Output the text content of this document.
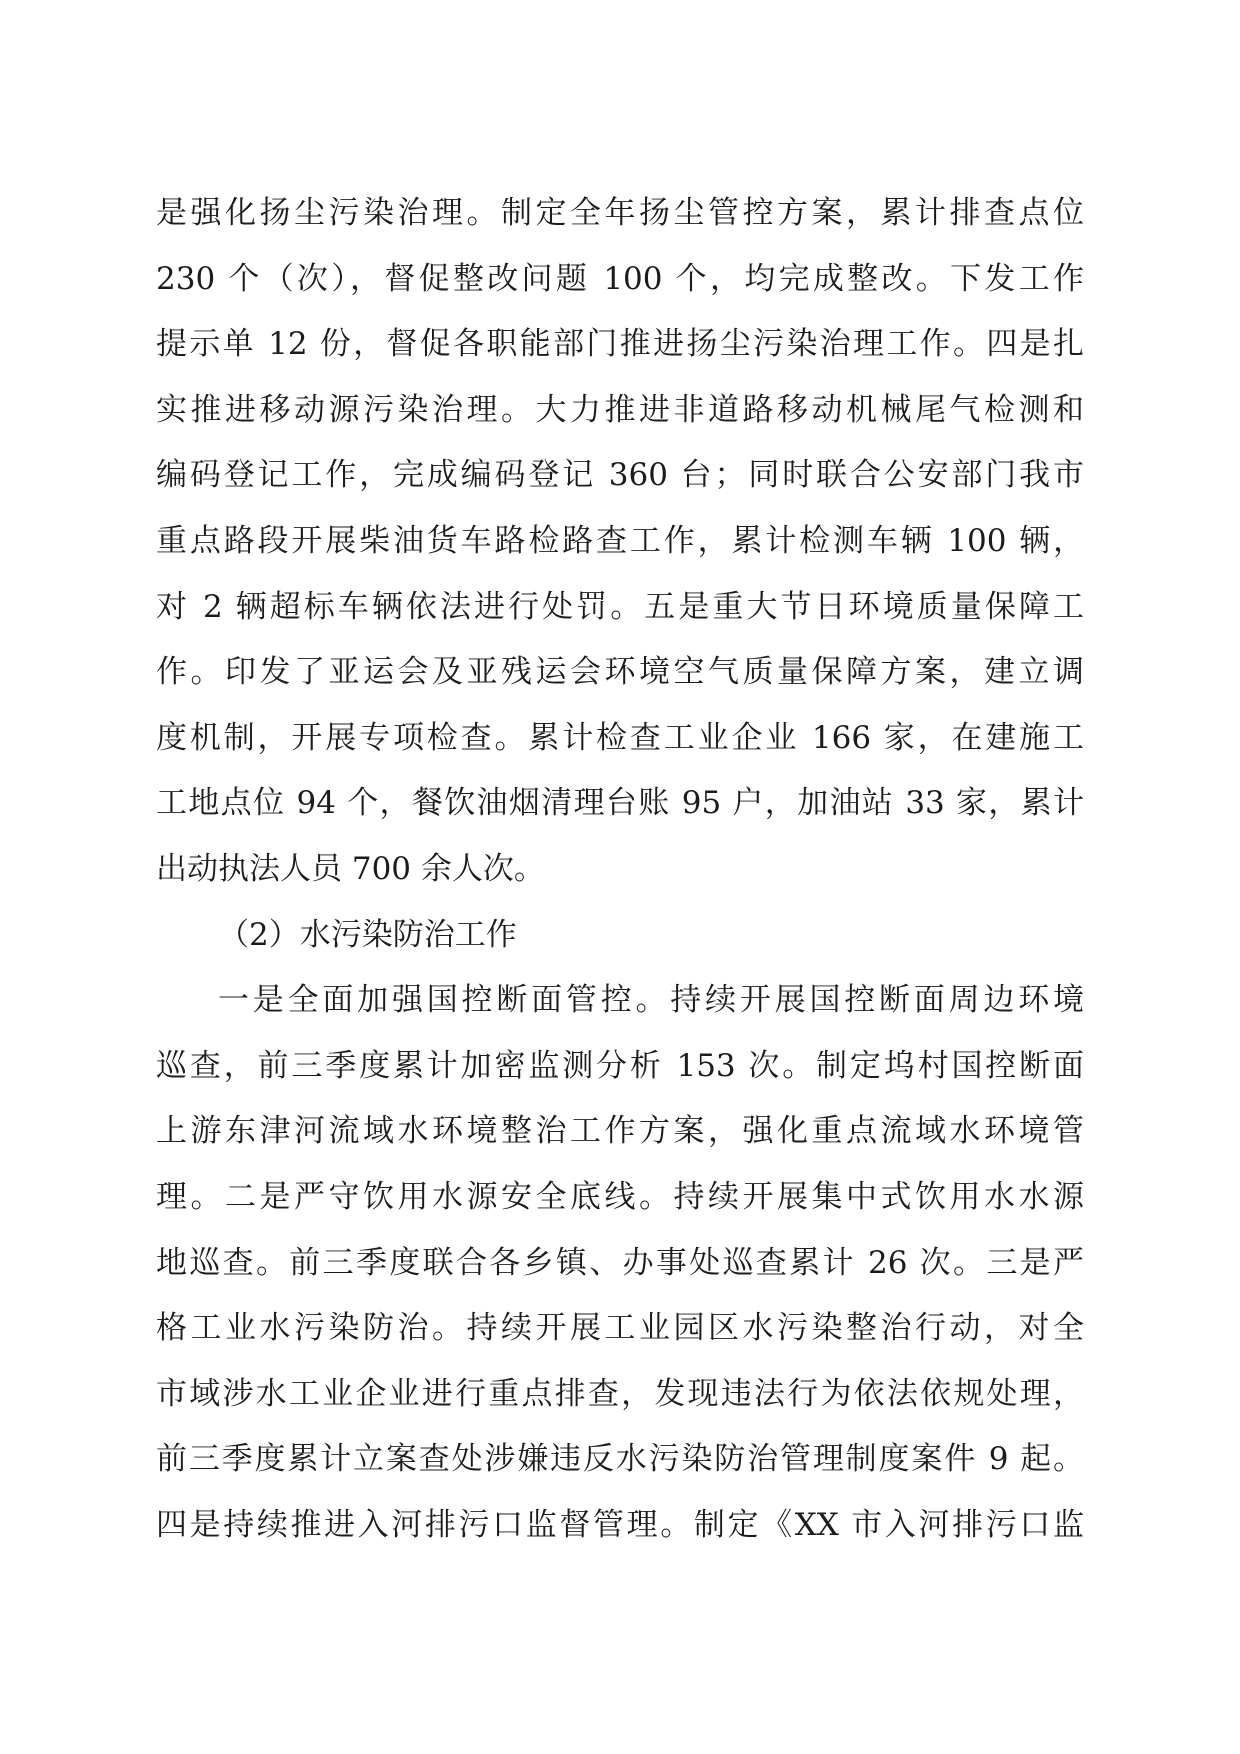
是强化扬尘污染治理。制定全年扬尘管控方案，累计排查点位
230 个（次），督促整改问题 100 个，均完成整改。下发工作
提示单 12 份，督促各职能部门推进扬尘污染治理工作。四是扎
实推进移动源污染治理。大力推进非道路移动机械尾气检测和
编码登记工作，完成编码登记 360 台；同时联合公安部门我市
重点路段开展柴油货车路检路查工作，累计检测车辆 100 辆，
对 2 辆超标车辆依法进行处罚。五是重大节日环境质量保障工
作。印发了亚运会及亚残运会环境空气质量保障方案，建立调
度机制，开展专项检查。累计检查工业企业 166 家，在建施工
工地点位 94 个，餐饮油烟清理台账 95 户，加油站 33 家，累计
出动执法人员 700 余人次。
（2）水污染防治工作
一是全面加强国控断面管控。持续开展国控断面周边环境
巡查，前三季度累计加密监测分析 153 次。制定坞村国控断面
上游东津河流域水环境整治工作方案，强化重点流域水环境管
理。二是严守饮用水源安全底线。持续开展集中式饮用水水源
地巡查。前三季度联合各乡镇、办事处巡查累计 26 次。三是严
格工业水污染防治。持续开展工业园区水污染整治行动，对全
市域涉水工业企业进行重点排查，发现违法行为依法依规处理，
前三季度累计立案查处涉嫌违反水污染防治管理制度案件 9 起。
四是持续推进入河排污口监督管理。制定《XX 市入河排污口监
